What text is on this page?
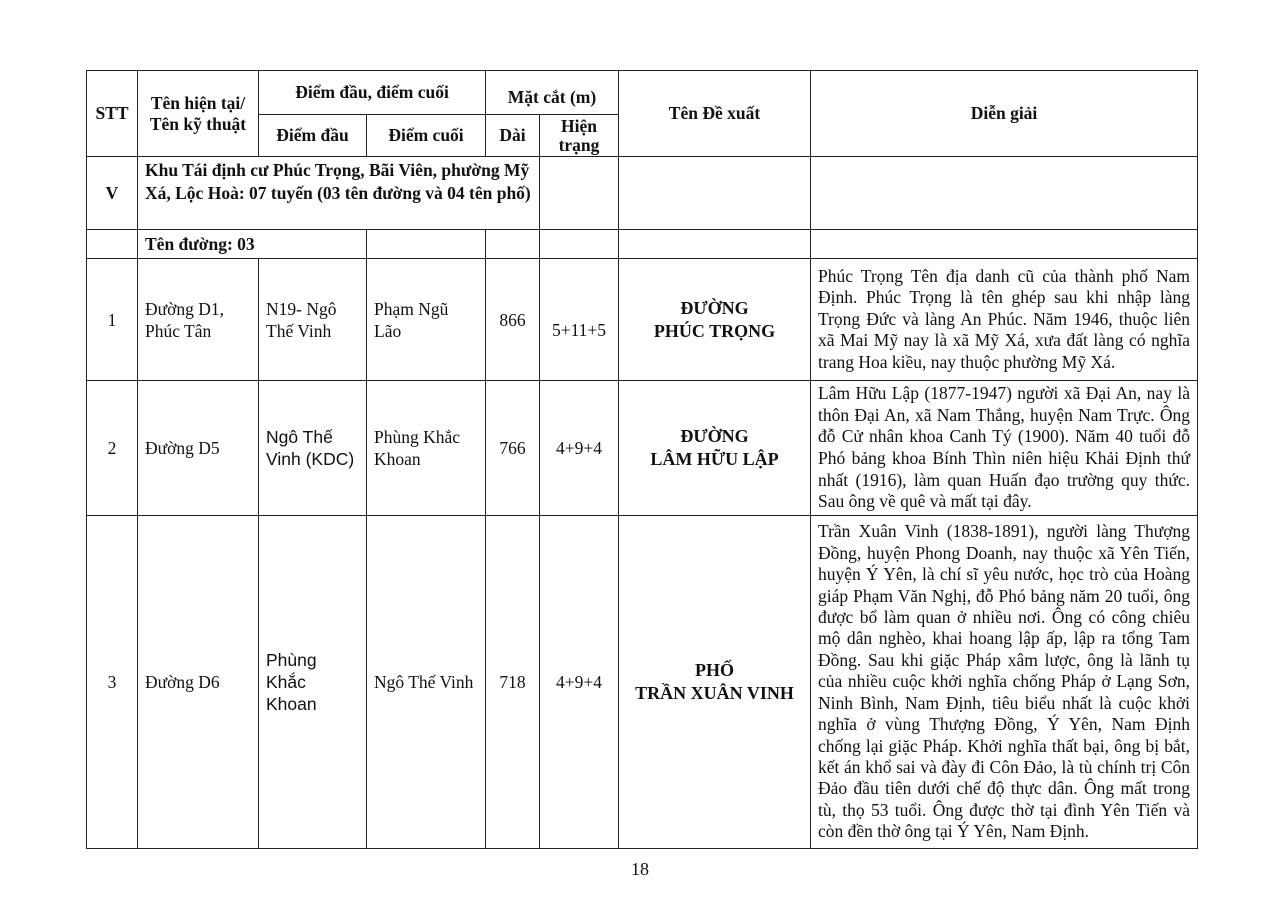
STT	Tên hiện tại/
Tên kỹ thuật	Điểm đầu, điểm cuối		Mặt cắt (m)		Tên Đề xuất	Diễn giải
		Điểm đầu	Điểm cuối	Dài	Hiện
trạng		

V	Khu Tái định cư Phúc Trọng, Bãi Viên, phường Mỹ Xá, Lộc Hoà: 07 tuyến (03 tên đường và 04 tên phố)						
	Tên đường: 03						
1	Đường D1, Phúc Tân	N19- Ngô Thế Vinh	Phạm Ngũ Lão	866	5+11+5	ĐƯỜNG
PHÚC TRỌNG	Phúc Trọng Tên địa danh cũ của thành phố Nam Định. Phúc Trọng là tên ghép sau khi nhập làng Trọng Đức và làng An Phúc. Năm 1946, thuộc liên xã Mai Mỹ nay là xã Mỹ Xá, xưa đất làng có nghĩa trang Hoa kiều, nay thuộc phường Mỹ Xá.
2	Đường D5	Ngô Thế Vinh (KDC)	Phùng Khắc Khoan	766	4+9+4	ĐƯỜNG
LÂM HỮU LẬP	Lâm Hữu Lập (1877-1947) người xã Đại An, nay là thôn Đại An, xã Nam Thắng, huyện Nam Trực. Ông đỗ Cử nhân khoa Canh Tý (1900). Năm 40 tuổi đỗ Phó bảng khoa Bính Thìn niên hiệu Khải Định thứ nhất (1916), làm quan Huấn đạo trường quy thức. Sau ông về quê và mất tại đây.
3	Đường D6	Phùng Khắc Khoan	Ngô Thế Vinh	718	4+9+4	PHỐ
TRẦN XUÂN VINH	Trần Xuân Vinh (1838-1891), người làng Thượng Đồng, huyện Phong Doanh, nay thuộc xã Yên Tiến, huyện Ý Yên, là chí sĩ yêu nước, học trò của Hoàng giáp Phạm Văn Nghị, đỗ Phó bảng năm 20 tuổi, ông được bổ làm quan ở nhiều nơi. Ông có công chiêu mộ dân nghèo, khai hoang lập ấp, lập ra tổng Tam Đồng. Sau khi giặc Pháp xâm lược, ông là lãnh tụ của nhiều cuộc khởi nghĩa chống Pháp ở Lạng Sơn, Ninh Bình, Nam Định, tiêu biểu nhất là cuộc khởi nghĩa ở vùng Thượng Đồng, Ý Yên, Nam Định chống lại giặc Pháp. Khởi nghĩa thất bại, ông bị bắt, kết án khổ sai và đày đi Côn Đảo, là tù chính trị Côn Đảo đầu tiên dưới chế độ thực dân. Ông mất trong tù, thọ 53 tuổi. Ông được thờ tại đình Yên Tiến và còn đền thờ ông tại Ý Yên, Nam Định.
18
